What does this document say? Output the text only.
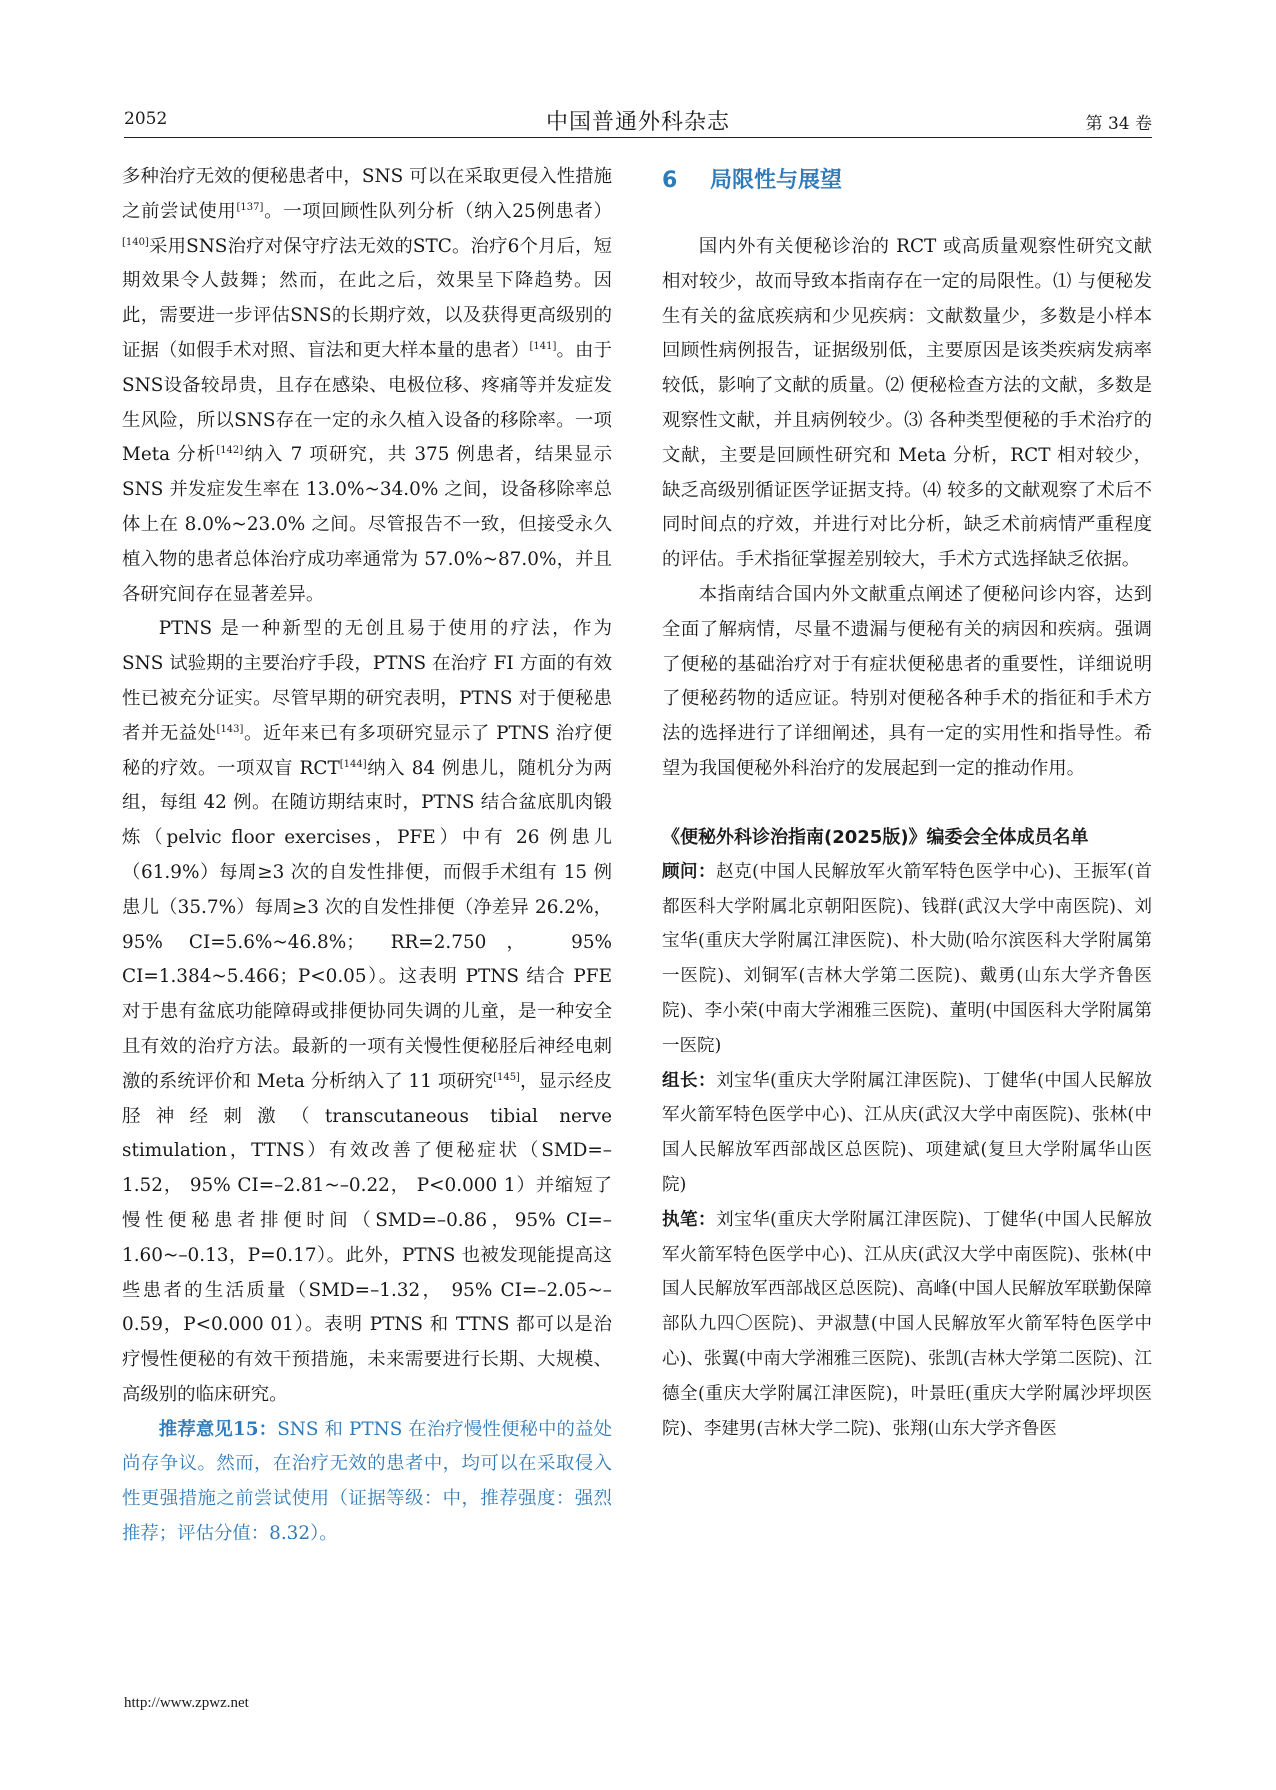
2052	中国普通外科杂志	第 34 卷

多种治疗无效的便秘患者中，SNS 可以在采取更侵入性措施之前尝试使用[137]。一项回顾性队列分析（纳入25例患者）[140]采用SNS治疗对保守疗法无效的STC。治疗6个月后，短期效果令人鼓舞；然而，在此之后，效果呈下降趋势。因此，需要进一步评估SNS的长期疗效，以及获得更高级别的证据（如假手术对照、盲法和更大样本量的患者）[141]。由于SNS设备较昂贵，且存在感染、电极位移、疼痛等并发症发生风险，所以SNS存在一定的永久植入设备的移除率。一项 Meta 分析[142]纳入 7 项研究，共 375 例患者，结果显示 SNS 并发症发生率在 13.0%~34.0% 之间，设备移除率总体上在 8.0%~23.0% 之间。尽管报告不一致，但接受永久植入物的患者总体治疗成功率通常为 57.0%~87.0%，并且各研究间存在显著差异。

PTNS 是一种新型的无创且易于使用的疗法，作为 SNS 试验期的主要治疗手段，PTNS 在治疗 FI 方面的有效性已被充分证实。尽管早期的研究表明，PTNS 对于便秘患者并无益处[143]。近年来已有多项研究显示了 PTNS 治疗便秘的疗效。一项双盲 RCT[144]纳入 84 例患儿，随机分为两组，每组 42 例。在随访期结束时，PTNS 结合盆底肌肉锻炼（pelvic floor exercises，PFE）中有 26 例患儿（61.9%）每周≥3 次的自发性排便，而假手术组有 15 例患儿（35.7%）每周≥3 次的自发性排便（净差异 26.2%，95% CI=5.6%~46.8%； RR=2.750， 95% CI=1.384~5.466；P<0.05）。这表明 PTNS 结合 PFE 对于患有盆底功能障碍或排便协同失调的儿童，是一种安全且有效的治疗方法。最新的一项有关慢性便秘胫后神经电刺激的系统评价和 Meta 分析纳入了 11 项研究[145]，显示经皮胫神经刺激（transcutaneous tibial nerve stimulation，TTNS）有效改善了便秘症状（SMD=–1.52， 95% CI=–2.81~–0.22， P<0.000 1）并缩短了慢性便秘患者排便时间（SMD=–0.86，95% CI=–1.60~–0.13，P=0.17）。此外，PTNS 也被发现能提高这些患者的生活质量（SMD=–1.32， 95% CI=–2.05~–0.59，P<0.000 01）。表明 PTNS 和 TTNS 都可以是治疗慢性便秘的有效干预措施，未来需要进行长期、大规模、高级别的临床研究。

推荐意见15：SNS 和 PTNS 在治疗慢性便秘中的益处尚存争议。然而，在治疗无效的患者中，均可以在采取侵入性更强措施之前尝试使用（证据等级：中，推荐强度：强烈推荐；评估分值：8.32）。

6 局限性与展望

国内外有关便秘诊治的 RCT 或高质量观察性研究文献相对较少，故而导致本指南存在一定的局限性。⑴ 与便秘发生有关的盆底疾病和少见疾病：文献数量少，多数是小样本回顾性病例报告，证据级别低，主要原因是该类疾病发病率较低，影响了文献的质量。⑵ 便秘检查方法的文献，多数是观察性文献，并且病例较少。⑶ 各种类型便秘的手术治疗的文献，主要是回顾性研究和 Meta 分析，RCT 相对较少，缺乏高级别循证医学证据支持。⑷ 较多的文献观察了术后不同时间点的疗效，并进行对比分析，缺乏术前病情严重程度的评估。手术指征掌握差别较大，手术方式选择缺乏依据。

本指南结合国内外文献重点阐述了便秘问诊内容，达到全面了解病情，尽量不遗漏与便秘有关的病因和疾病。强调了便秘的基础治疗对于有症状便秘患者的重要性，详细说明了便秘药物的适应证。特别对便秘各种手术的指征和手术方法的选择进行了详细阐述，具有一定的实用性和指导性。希望为我国便秘外科治疗的发展起到一定的推动作用。

《便秘外科诊治指南(2025版)》编委会全体成员名单

顾问：赵克(中国人民解放军火箭军特色医学中心)、王振军(首都医科大学附属北京朝阳医院)、钱群(武汉大学中南医院)、刘宝华(重庆大学附属江津医院)、朴大勋(哈尔滨医科大学附属第一医院)、刘铜军(吉林大学第二医院)、戴勇(山东大学齐鲁医院)、李小荣(中南大学湘雅三医院)、董明(中国医科大学附属第一医院)

组长：刘宝华(重庆大学附属江津医院)、丁健华(中国人民解放军火箭军特色医学中心)、江从庆(武汉大学中南医院)、张林(中国人民解放军西部战区总医院)、项建斌(复旦大学附属华山医院)

执笔：刘宝华(重庆大学附属江津医院)、丁健华(中国人民解放军火箭军特色医学中心)、江从庆(武汉大学中南医院)、张林(中国人民解放军西部战区总医院)、高峰(中国人民解放军联勤保障部队九四〇医院)、尹淑慧(中国人民解放军火箭军特色医学中心)、张翼(中南大学湘雅三医院)、张凯(吉林大学第二医院)、江德全(重庆大学附属江津医院)，叶景旺(重庆大学附属沙坪坝医院)、李建男(吉林大学二院)、张翔(山东大学齐鲁医

http://www.zpwz.net
